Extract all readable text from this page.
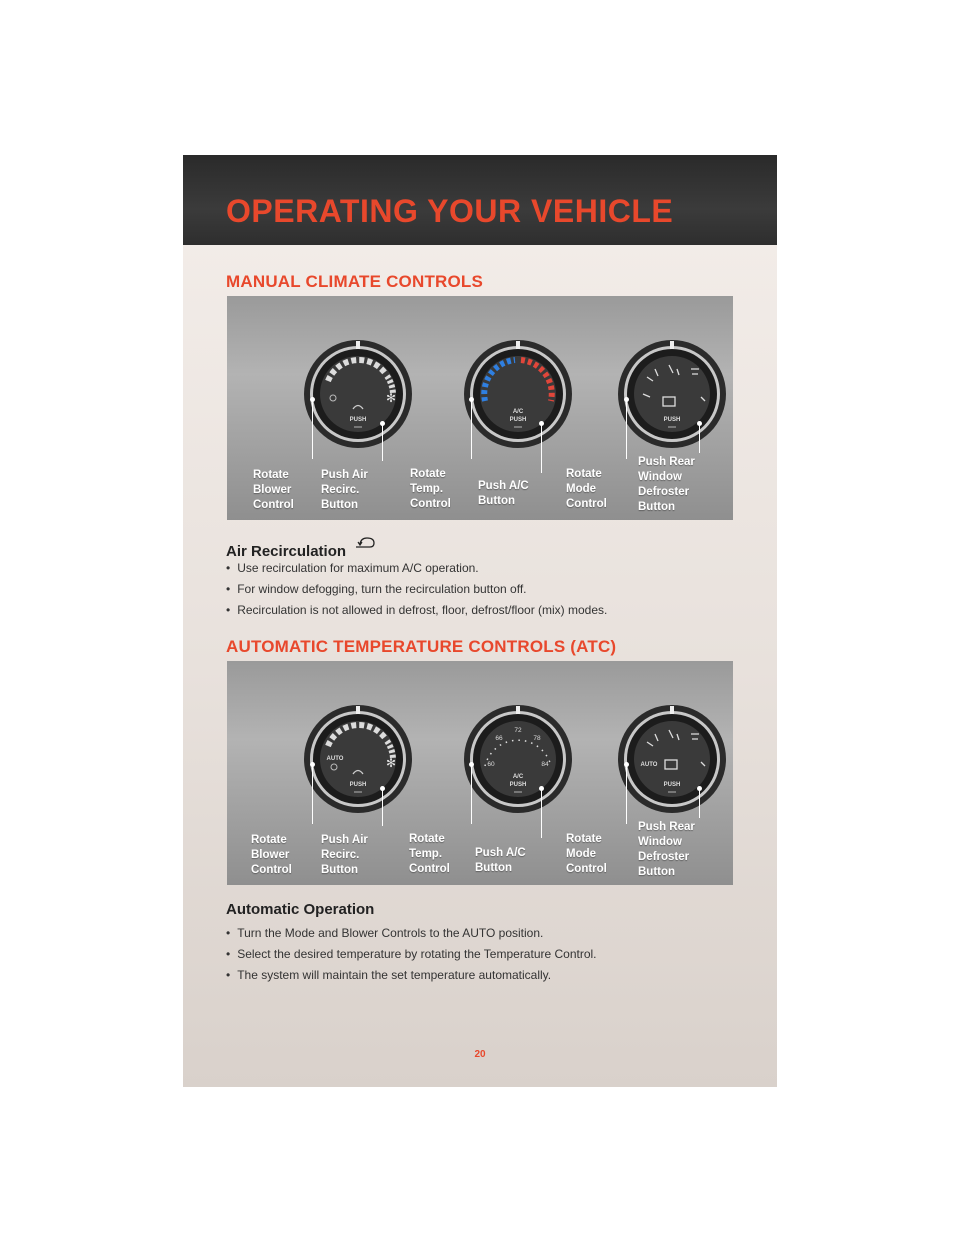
OPERATING YOUR VEHICLE
MANUAL CLIMATE CONTROLS
✻
PUSH
A/C
PUSH	PUSH
Rotate
Blower
Control
Push Air
Recirc.
Button
Rotate
Temp.
Control
Push A/C
Button
Rotate
Mode
Control
Push Rear
Window
Defroster
Button
Air Recirculation
• Use recirculation for maximum A/C operation.
• For window defogging, turn the recirculation button off.
• Recirculation is not allowed in defrost, floor, defrost/floor (mix) modes.
AUTOMATIC TEMPERATURE CONTROLS (ATC)
AUTO	✻
PUSH
60
66
72
78
84
A/C
PUSH
AUTO
PUSH
Rotate
Blower
Control
Push Air
Recirc.
Button
Rotate
Temp.
Control
Push A/C
Button
Rotate
Mode
Control
Push Rear
Window
Defroster
Button
Automatic Operation
• Turn the Mode and Blower Controls to the AUTO position.
• Select the desired temperature by rotating the Temperature Control.
• The system will maintain the set temperature automatically.
20
